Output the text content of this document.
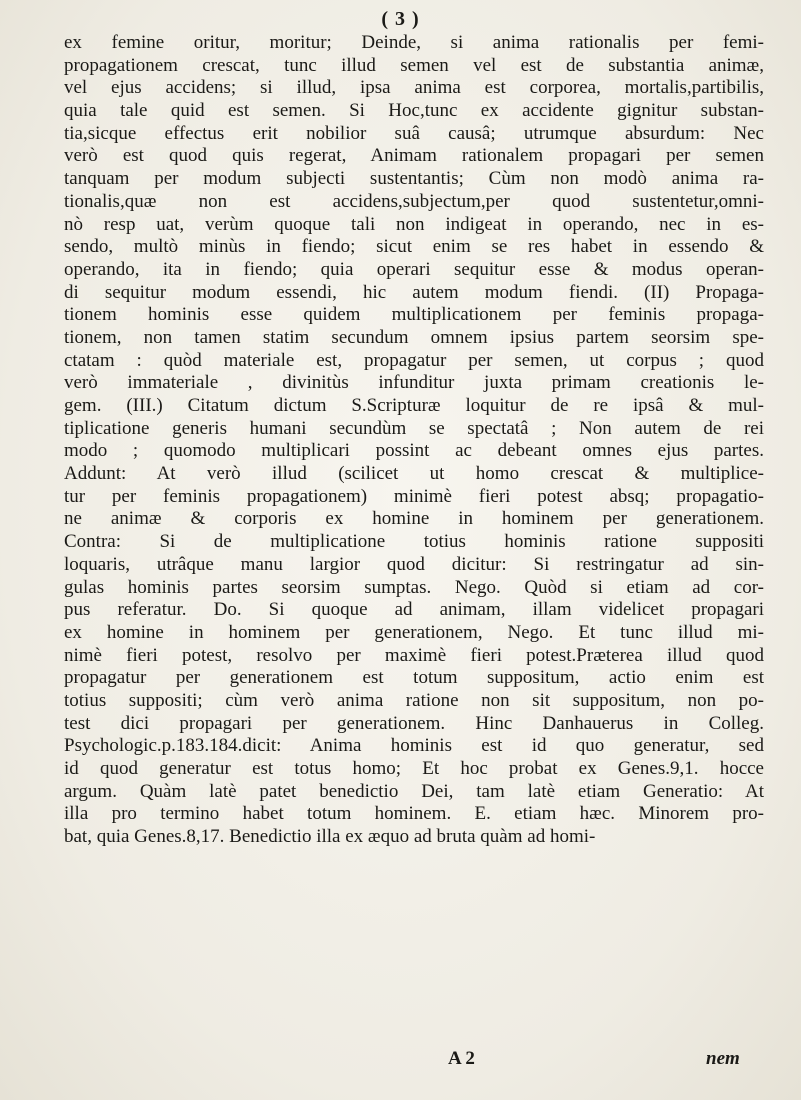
( 3 )
ex femine oritur, moritur; Deinde, si anima rationalis per femi-
propagationem crescat, tunc illud semen vel est de substantia animæ,
vel ejus accidens; si illud, ipsa anima est corporea, mortalis,partibilis,
quia tale quid est semen. Si Hoc,tunc ex accidente gignitur substan-
tia,sicque effectus erit nobilior suâ causâ; utrumque absurdum: Nec
verò est quod quis regerat, Animam rationalem propagari per semen
tanquam per modum subjecti sustentantis; Cùm non modò anima ra-
tionalis,quæ non est accidens,subjectum,per quod sustentetur,omni-
nò resp uat, verùm quoque tali non indigeat in operando, nec in es-
sendo, multò minùs in fiendo; sicut enim se res habet in essendo &
operando, ita in fiendo; quia operari sequitur esse & modus operan-
di sequitur modum essendi, hic autem modum fiendi. (II) Propaga-
tionem hominis esse quidem multiplicationem per feminis propaga-
tionem, non tamen statim secundum omnem ipsius partem seorsim spe-
ctatam : quòd materiale est, propagatur per semen, ut corpus ; quod
verò immateriale , divinitùs infunditur juxta primam creationis le-
gem. (III.) Citatum dictum S.Scripturæ loquitur de re ipsâ & mul-
tiplicatione generis humani secundùm se spectatâ ; Non autem de rei
modo ; quomodo multiplicari possint ac debeant omnes ejus partes.
Addunt: At verò illud (scilicet ut homo crescat & multiplice-
tur per feminis propagationem) minimè fieri potest absq; propagatio-
ne animæ & corporis ex homine in hominem per generationem.
Contra: Si de multiplicatione totius hominis ratione suppositi
loquaris, utrâque manu largior quod dicitur: Si restringatur ad sin-
gulas hominis partes seorsim sumptas. Nego. Quòd si etiam ad cor-
pus referatur. Do. Si quoque ad animam, illam videlicet propagari
ex homine in hominem per generationem, Nego. Et tunc illud mi-
nimè fieri potest, resolvo per maximè fieri potest.Præterea illud quod
propagatur per generationem est totum suppositum, actio enim est
totius suppositi; cùm verò anima ratione non sit suppositum, non po-
test dici propagari per generationem. Hinc Danhauerus in Colleg.
Psychologic.p.183.184.dicit: Anima hominis est id quo generatur, sed
id quod generatur est totus homo; Et hoc probat ex Genes.9,1. hocce
argum. Quàm latè patet benedictio Dei, tam latè etiam Generatio: At
illa pro termino habet totum hominem. E. etiam hæc. Minorem pro-
bat, quia Genes.8,17. Benedictio illa ex æquo ad bruta quàm ad homi-
A 2	nem
